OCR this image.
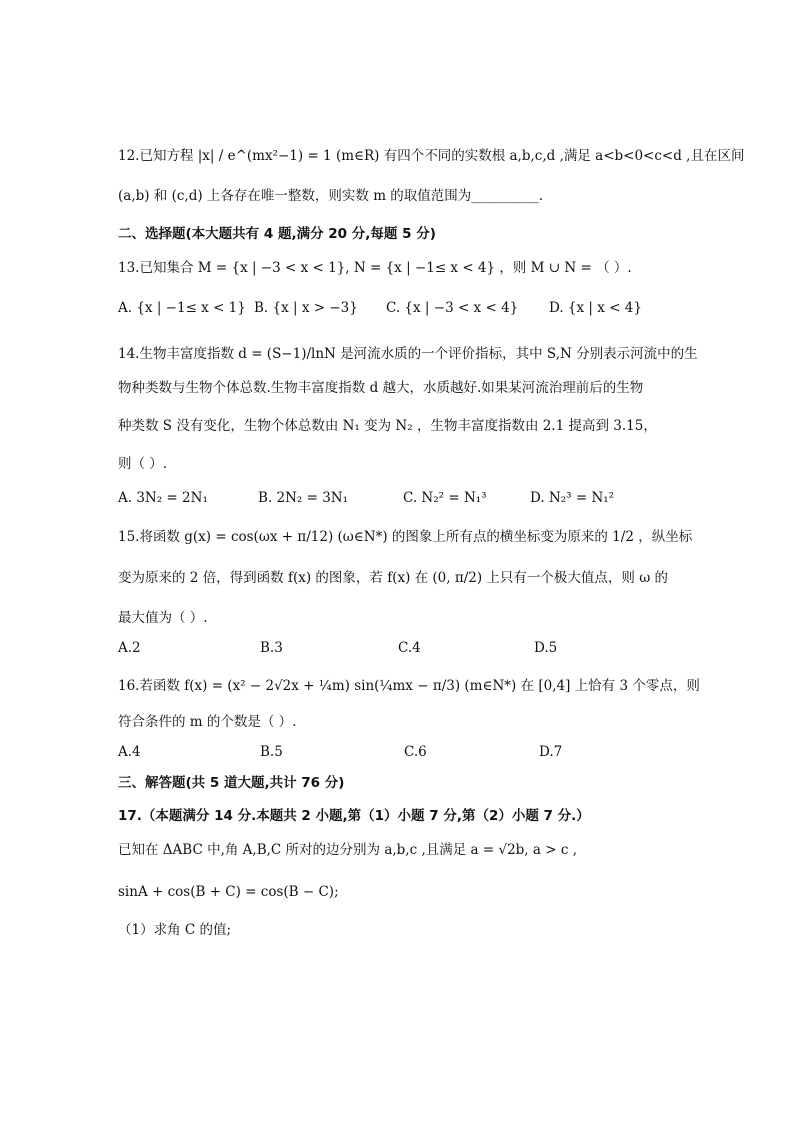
12.已知方程 |x| / e^(mx²−1) = 1 (m∈R) 有四个不同的实数根 a,b,c,d ,满足 a<b<0<c<d ,且在区间
(a,b) 和 (c,d) 上各存在唯一整数，则实数 m 的取值范围为__________.
二、选择题(本大题共有 4 题,满分 20 分,每题 5 分)
13.已知集合 M = {x | −3 < x < 1}, N = {x | −1≤ x < 4} ，则 M ∪ N = （ ）.
A. {x | −1≤ x < 1} B. {x | x > −3} C. {x | −3 < x < 4} D. {x | x < 4}
14.生物丰富度指数 d = (S−1)/lnN 是河流水质的一个评价指标，其中 S,N 分别表示河流中的生
物种类数与生物个体总数.生物丰富度指数 d 越大，水质越好.如果某河流治理前后的生物
种类数 S 没有变化，生物个体总数由 N₁ 变为 N₂ ，生物丰富度指数由 2.1 提高到 3.15，
则（ ）.
A. 3N₂ = 2N₁	B. 2N₂ = 3N₁	C. N₂² = N₁³	D. N₂³ = N₁²
15.将函数 g(x) = cos(ωx + π/12) (ω∈N*) 的图象上所有点的横坐标变为原来的 1/2 ，纵坐标
变为原来的 2 倍，得到函数 f(x) 的图象，若 f(x) 在 (0, π/2) 上只有一个极大值点，则 ω 的
最大值为（ ）.
A.2	B.3	C.4	D.5
16.若函数 f(x) = (x² − 2√2x + ¼m) sin(¼mx − π/3) (m∈N*) 在 [0,4] 上恰有 3 个零点，则
符合条件的 m 的个数是（ ）.
A.4	B.5	C.6	D.7
三、解答题(共 5 道大题,共计 76 分)
17.（本题满分 14 分.本题共 2 小题,第（1）小题 7 分,第（2）小题 7 分.）
已知在 ΔABC 中,角 A,B,C 所对的边分别为 a,b,c ,且满足 a = √2b, a > c ,
sinA + cos(B + C) = cos(B − C);
（1）求角 C 的值;
